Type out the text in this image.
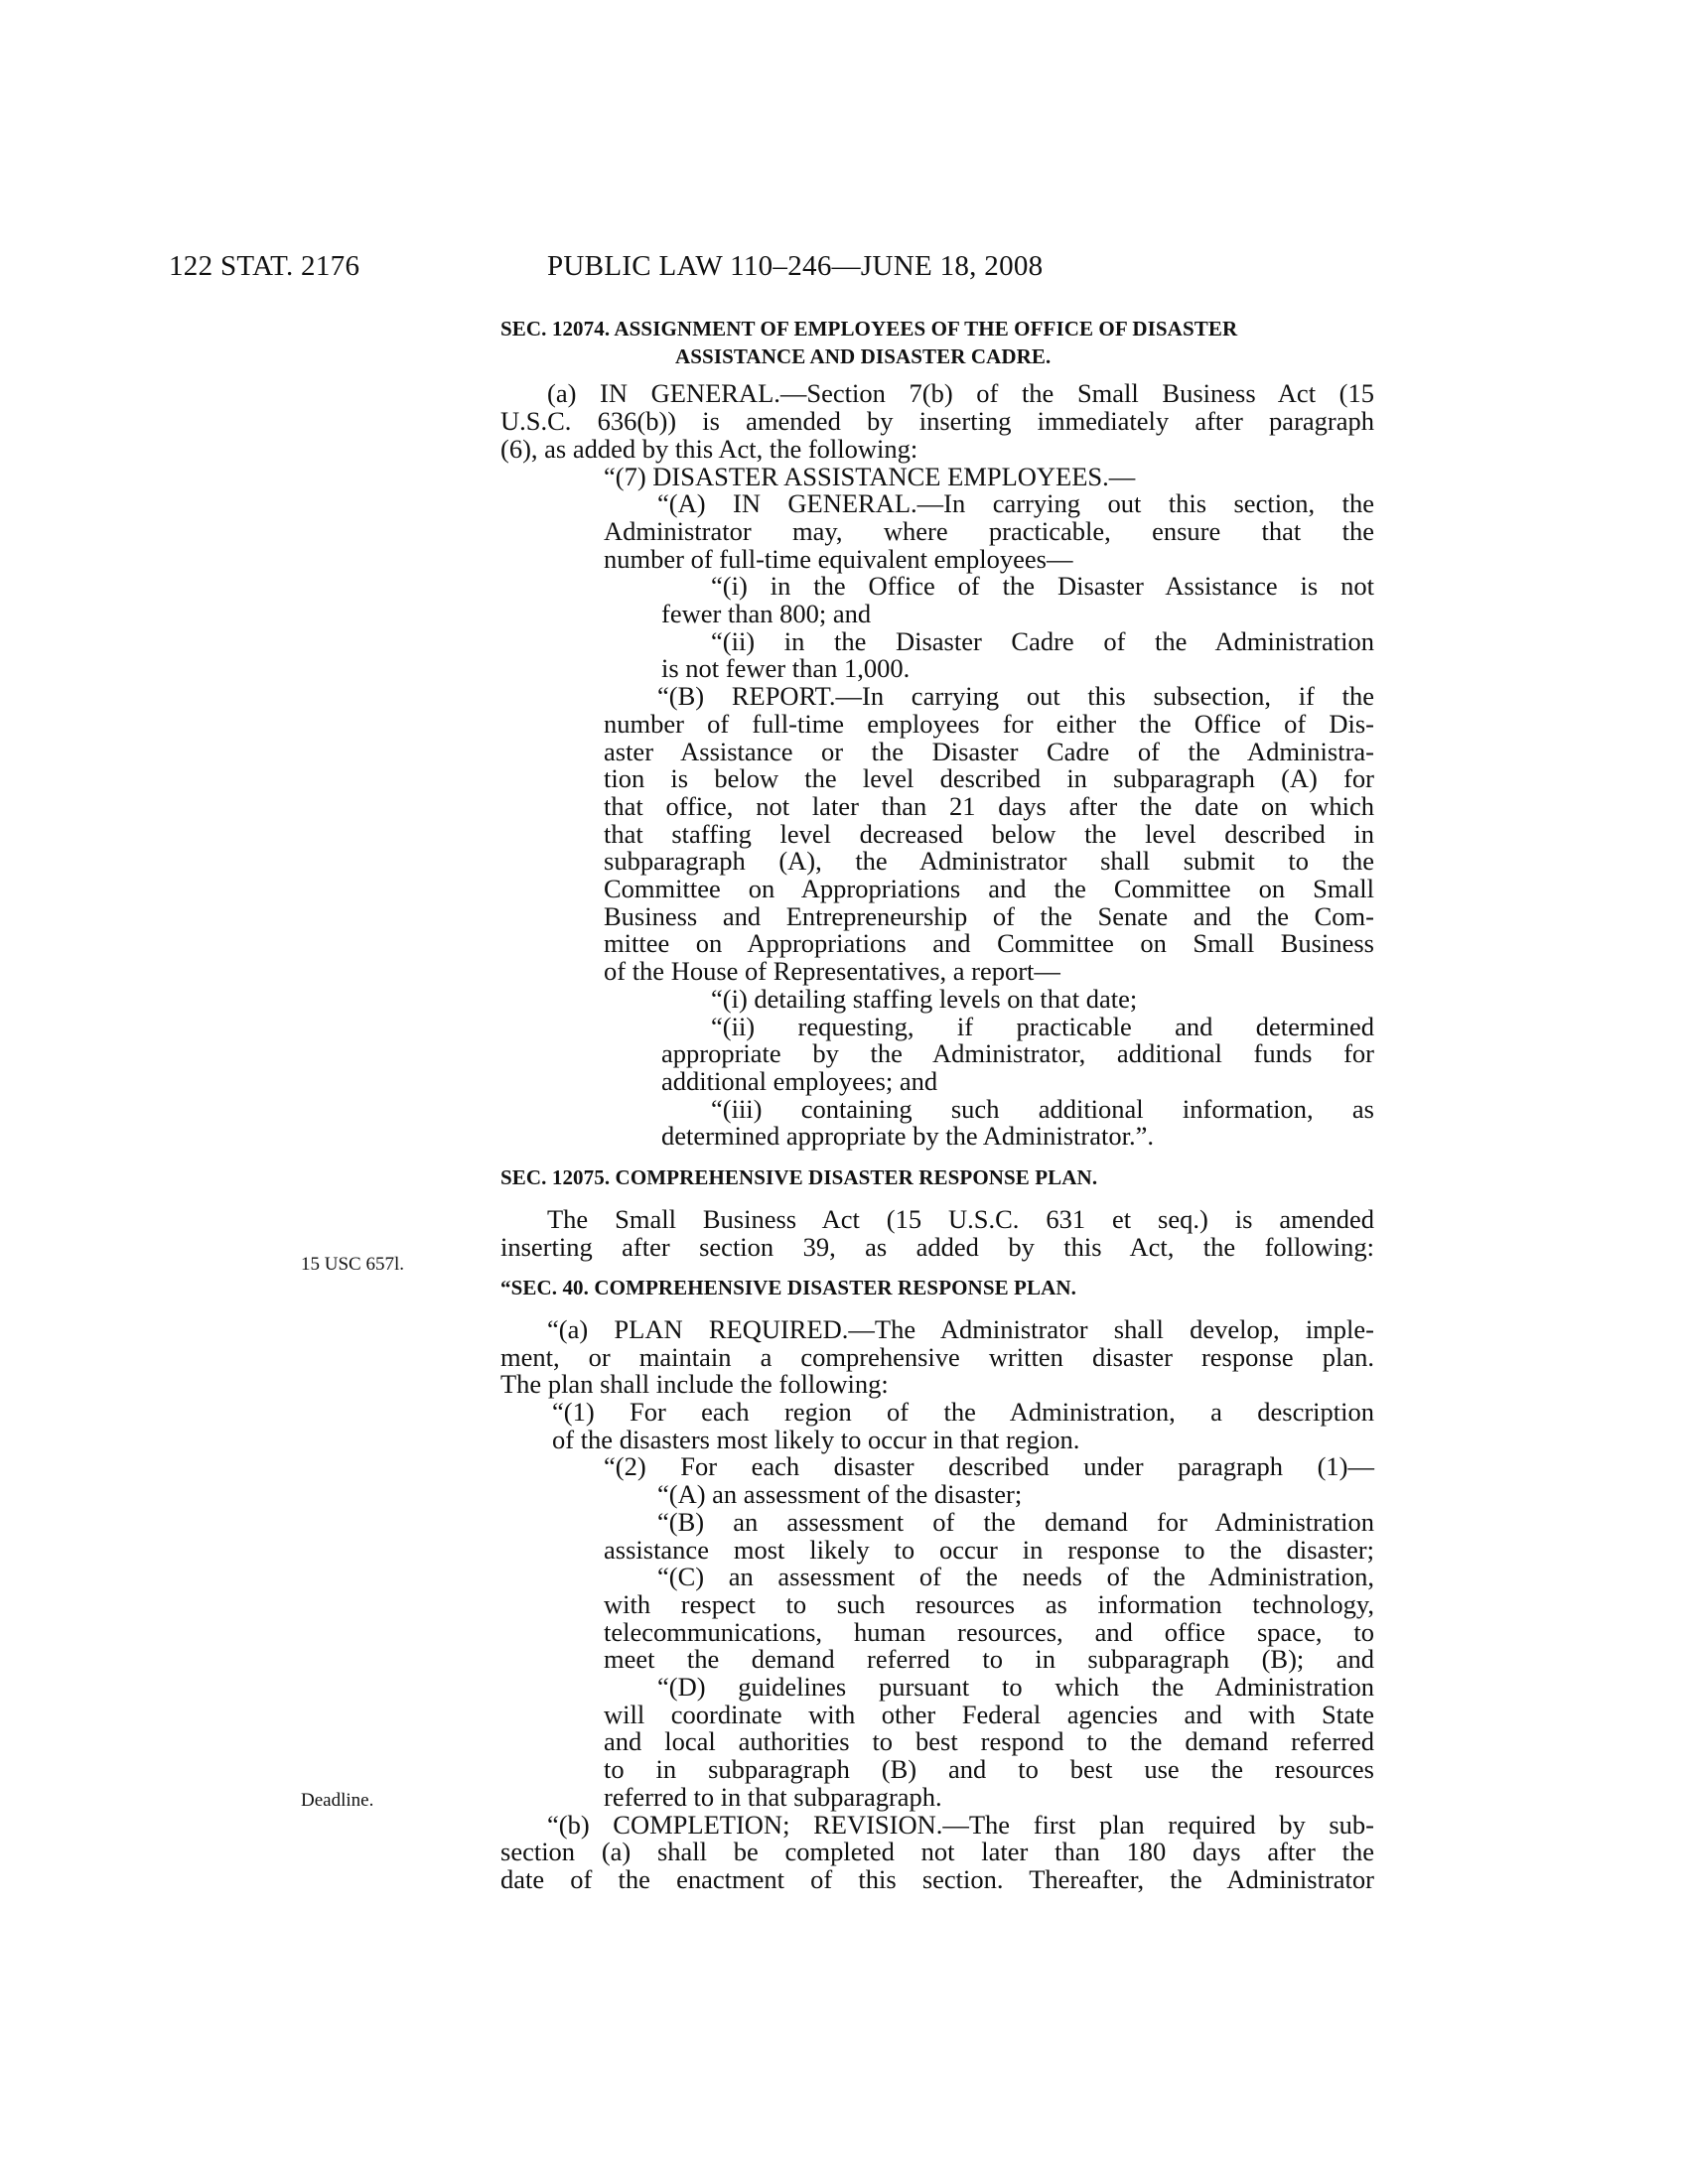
122 STAT. 2176	PUBLIC LAW 110–246—JUNE 18, 2008
15 USC 657l.
Deadline.
SEC. 12074. ASSIGNMENT OF EMPLOYEES OF THE OFFICE OF DISASTER
ASSISTANCE AND DISASTER CADRE.
(a) IN GENERAL.—Section 7(b) of the Small Business Act (15
U.S.C. 636(b)) is amended by inserting immediately after paragraph
(6), as added by this Act, the following:
“(7) DISASTER ASSISTANCE EMPLOYEES.—
“(A) IN GENERAL.—In carrying out this section, the
Administrator may, where practicable, ensure that the
number of full-time equivalent employees—
“(i) in the Office of the Disaster Assistance is not
fewer than 800; and
“(ii) in the Disaster Cadre of the Administration
is not fewer than 1,000.
“(B) REPORT.—In carrying out this subsection, if the
number of full-time employees for either the Office of Dis-
aster Assistance or the Disaster Cadre of the Administra-
tion is below the level described in subparagraph (A) for
that office, not later than 21 days after the date on which
that staffing level decreased below the level described in
subparagraph (A), the Administrator shall submit to the
Committee on Appropriations and the Committee on Small
Business and Entrepreneurship of the Senate and the Com-
mittee on Appropriations and Committee on Small Business
of the House of Representatives, a report—
“(i) detailing staffing levels on that date;
“(ii) requesting, if practicable and determined
appropriate by the Administrator, additional funds for
additional employees; and
“(iii) containing such additional information, as
determined appropriate by the Administrator.”.
SEC. 12075. COMPREHENSIVE DISASTER RESPONSE PLAN.
The Small Business Act (15 U.S.C. 631 et seq.) is amended
inserting after section 39, as added by this Act, the following:
“SEC. 40. COMPREHENSIVE DISASTER RESPONSE PLAN.
“(a) PLAN REQUIRED.—The Administrator shall develop, imple-
ment, or maintain a comprehensive written disaster response plan.
The plan shall include the following:
“(1) For each region of the Administration, a description
of the disasters most likely to occur in that region.
“(2) For each disaster described under paragraph (1)—
“(A) an assessment of the disaster;
“(B) an assessment of the demand for Administration
assistance most likely to occur in response to the disaster;
“(C) an assessment of the needs of the Administration,
with respect to such resources as information technology,
telecommunications, human resources, and office space, to
meet the demand referred to in subparagraph (B); and
“(D) guidelines pursuant to which the Administration
will coordinate with other Federal agencies and with State
and local authorities to best respond to the demand referred
to in subparagraph (B) and to best use the resources
referred to in that subparagraph.
“(b) COMPLETION; REVISION.—The first plan required by sub-
section (a) shall be completed not later than 180 days after the
date of the enactment of this section. Thereafter, the Administrator
